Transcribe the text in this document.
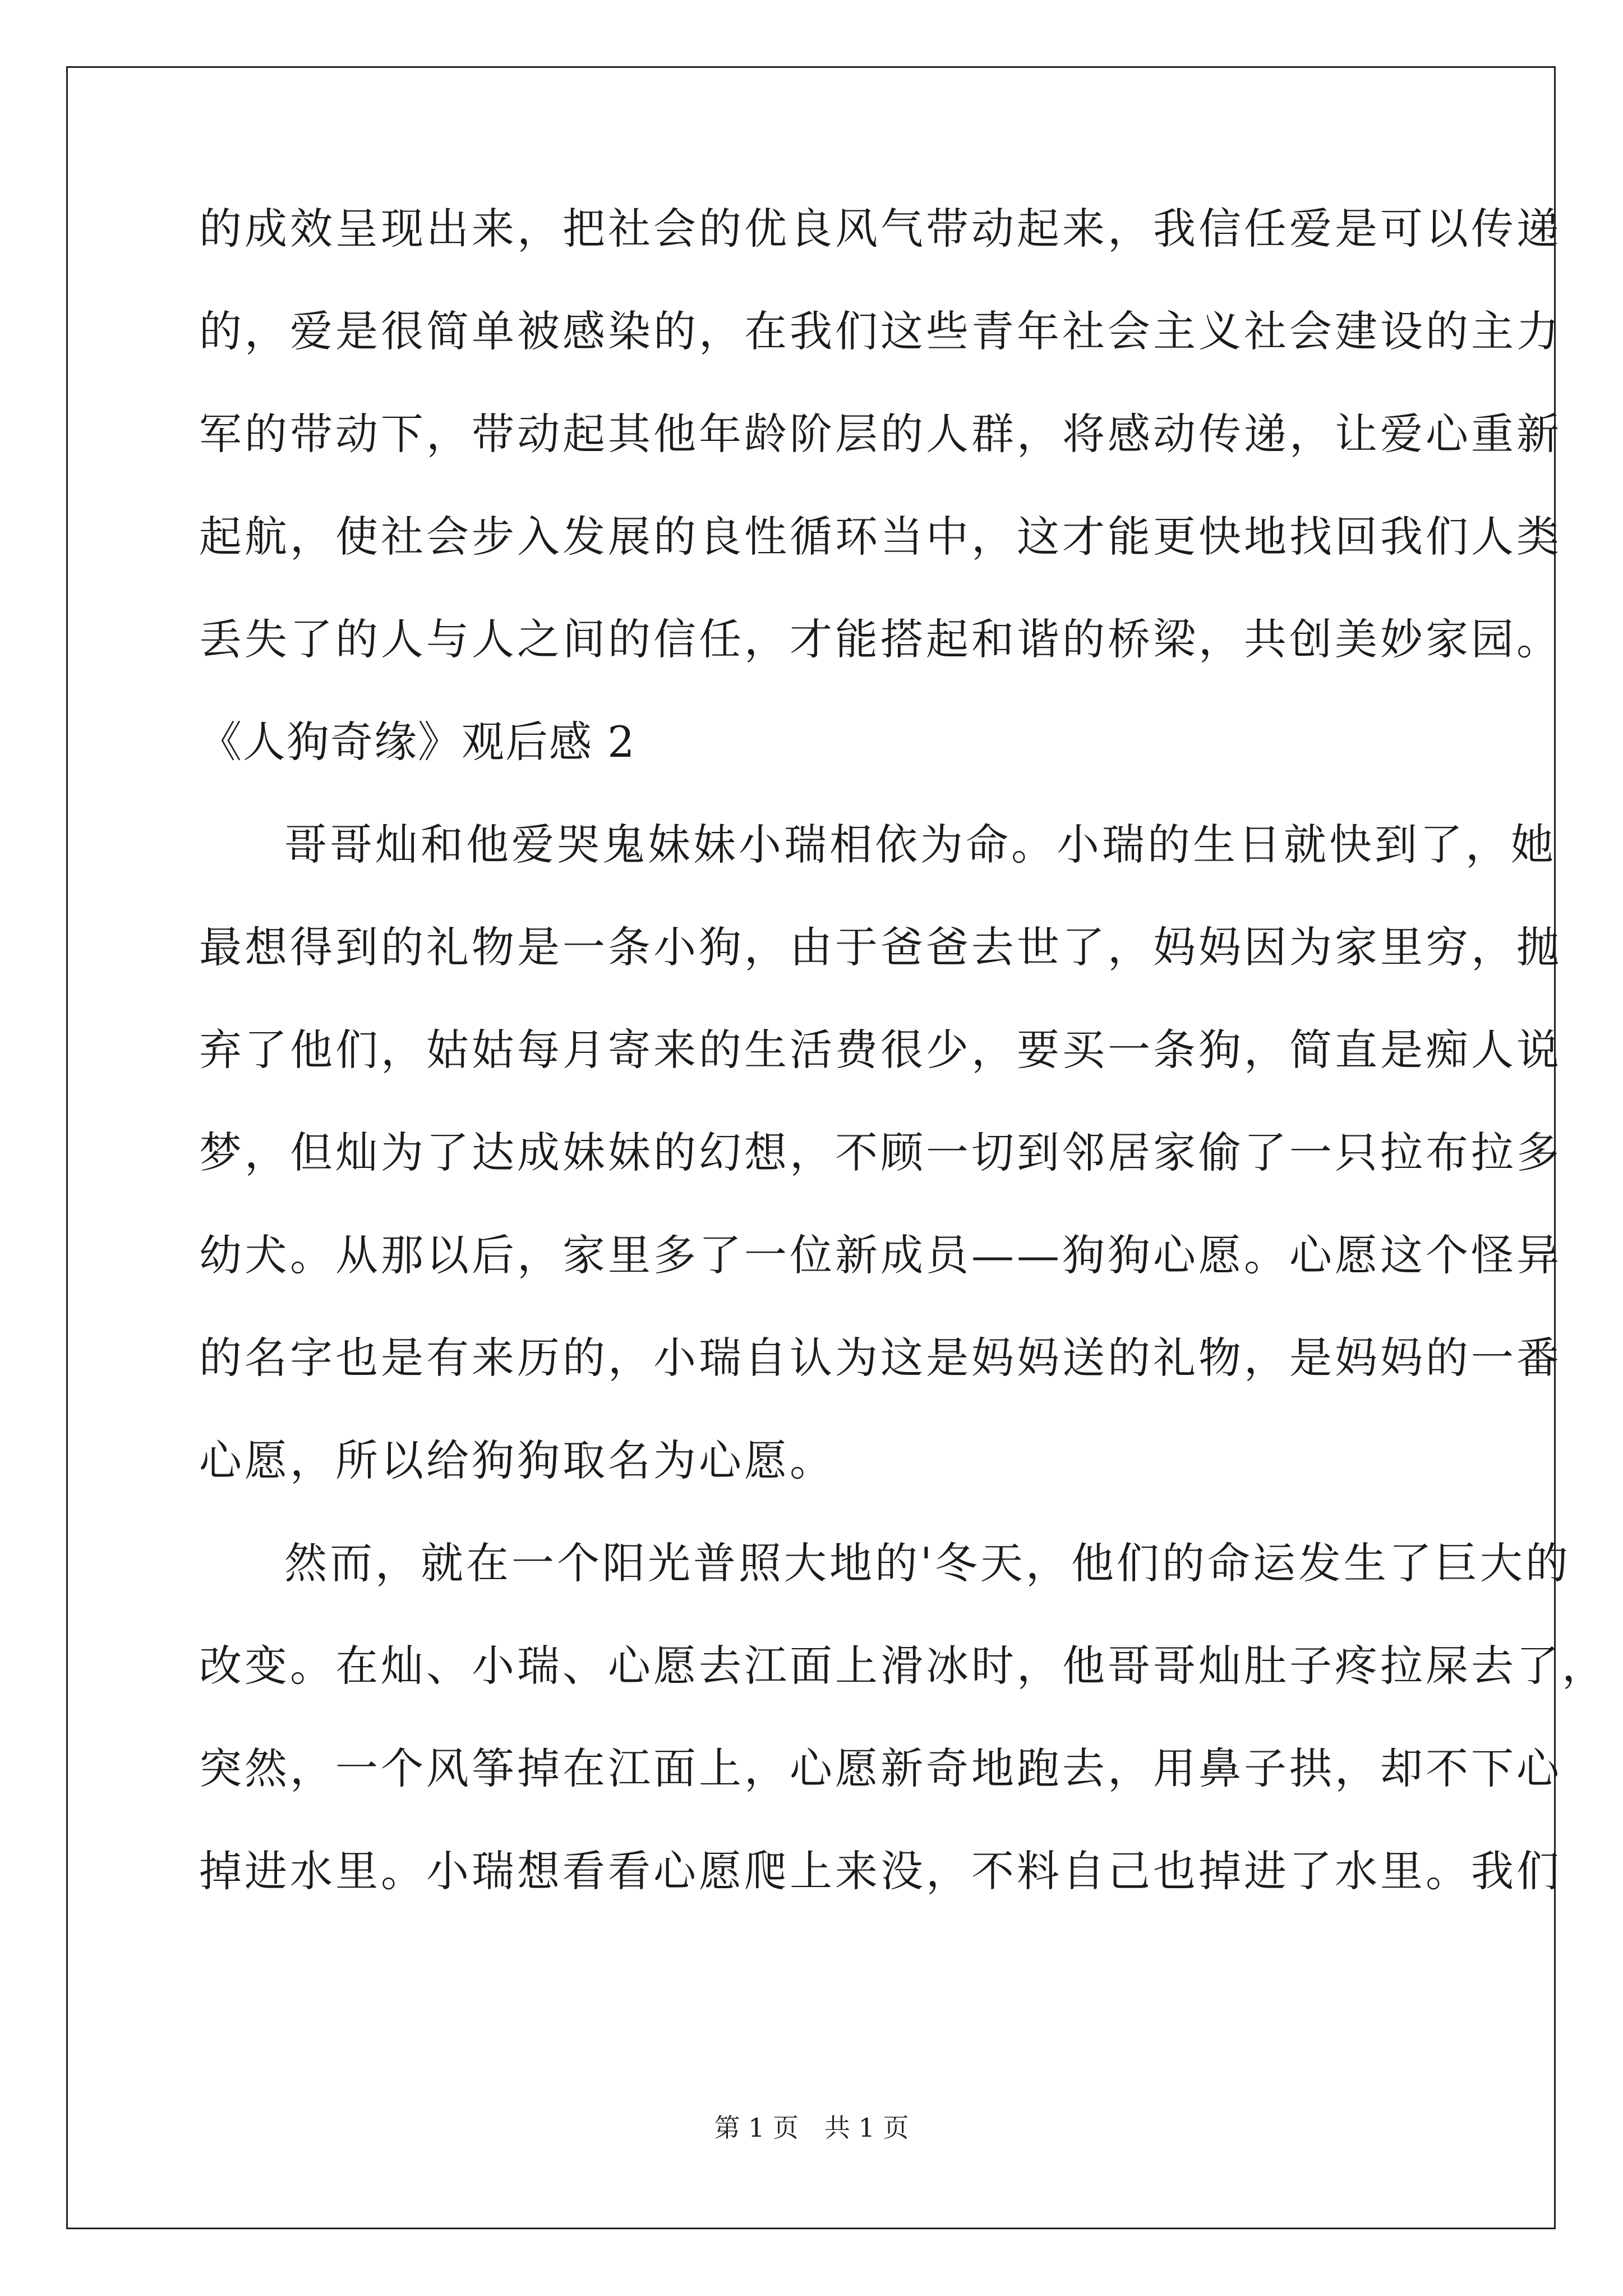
的成效呈现出来，把社会的优良风气带动起来，我信任爱是可以传递
的，爱是很简单被感染的，在我们这些青年社会主义社会建设的主力
军的带动下，带动起其他年龄阶层的人群，将感动传递，让爱心重新
起航，使社会步入发展的良性循环当中，这才能更快地找回我们人类
丢失了的人与人之间的信任，才能搭起和谐的桥梁，共创美妙家园。
《人狗奇缘》观后感 2
哥哥灿和他爱哭鬼妹妹小瑞相依为命。小瑞的生日就快到了，她
最想得到的礼物是一条小狗，由于爸爸去世了，妈妈因为家里穷，抛
弃了他们，姑姑每月寄来的生活费很少，要买一条狗，简直是痴人说
梦，但灿为了达成妹妹的幻想，不顾一切到邻居家偷了一只拉布拉多
幼犬。从那以后，家里多了一位新成员——狗狗心愿。心愿这个怪异
的名字也是有来历的，小瑞自认为这是妈妈送的礼物，是妈妈的一番
心愿，所以给狗狗取名为心愿。
然而，就在一个阳光普照大地的'冬天，他们的命运发生了巨大的
改变。在灿、小瑞、心愿去江面上滑冰时，他哥哥灿肚子疼拉屎去了，
突然，一个风筝掉在江面上，心愿新奇地跑去，用鼻子拱，却不下心
掉进水里。小瑞想看看心愿爬上来没，不料自己也掉进了水里。我们
第 1 页　共 1 页
